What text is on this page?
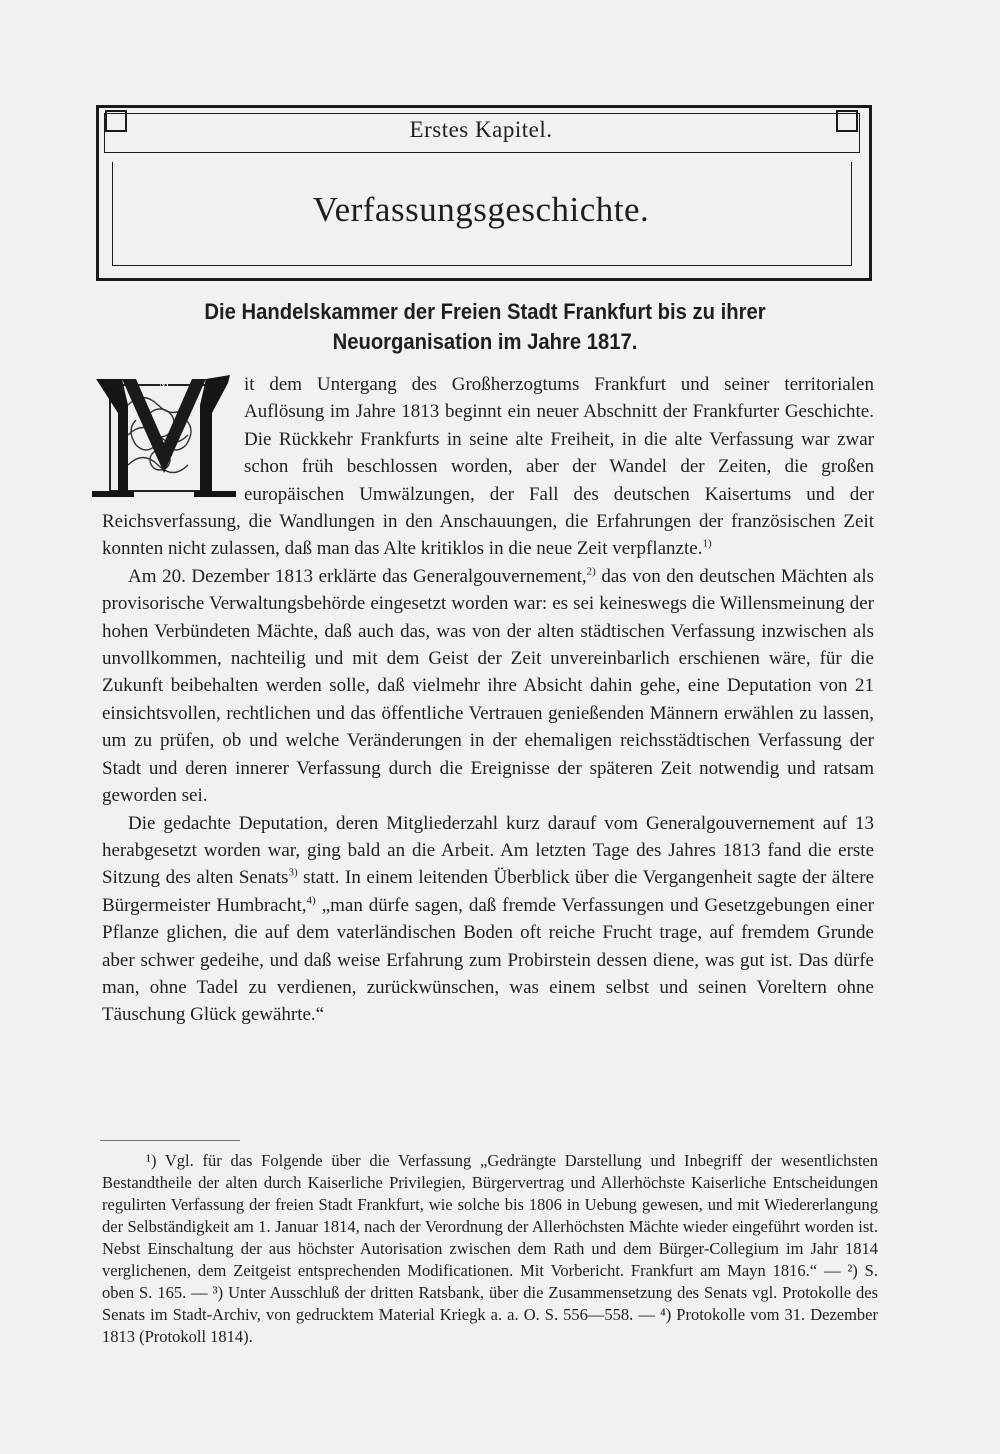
Erstes Kapitel.
Verfassungsgeschichte.
Die Handelskammer der Freien Stadt Frankfurt bis zu ihrer
Neuorganisation im Jahre 1817.
M	it dem Untergang des Großherzogtums Frankfurt und seiner territorialen Auflösung im Jahre 1813 beginnt ein neuer Abschnitt der Frankfurter Geschichte. Die Rückkehr Frankfurts in seine alte Freiheit, in die alte Verfassung war zwar schon früh beschlossen worden, aber der Wandel der Zeiten, die großen europäischen Umwälzungen, der Fall des deutschen Kaisertums und der Reichsverfassung, die Wandlungen in den Anschauungen, die Erfahrungen der französischen Zeit konnten nicht zulassen, daß man das Alte kritiklos in die neue Zeit verpflanzte.$^{1)}$

Am 20. Dezember 1813 erklärte das Generalgouvernement,$^{2)}$ das von den deutschen Mächten als provisorische Verwaltungsbehörde eingesetzt worden war: es sei keineswegs die Willensmeinung der hohen Verbündeten Mächte, daß auch das, was von der alten städtischen Verfassung inzwischen als unvollkommen, nachteilig und mit dem Geist der Zeit unvereinbarlich erschienen wäre, für die Zukunft beibehalten werden solle, daß vielmehr ihre Absicht dahin gehe, eine Deputation von 21 einsichtsvollen, rechtlichen und das öffentliche Vertrauen genießenden Männern erwählen zu lassen, um zu prüfen, ob und welche Veränderungen in der ehemaligen reichsstädtischen Verfassung der Stadt und deren innerer Verfassung durch die Ereignisse der späteren Zeit notwendig und ratsam geworden sei.

Die gedachte Deputation, deren Mitgliederzahl kurz darauf vom Generalgouvernement auf 13 herabgesetzt worden war, ging bald an die Arbeit. Am letzten Tage des Jahres 1813 fand die erste Sitzung des alten Senats$^{3)}$ statt. In einem leitenden Überblick über die Vergangenheit sagte der ältere Bürgermeister Humbracht,$^{4)}$ „man dürfe sagen, daß fremde Verfassungen und Gesetzgebungen einer Pflanze glichen, die auf dem vaterländischen Boden oft reiche Frucht trage, auf fremdem Grunde aber schwer gedeihe, und daß weise Erfahrung zum Probirstein dessen diene, was gut ist. Das dürfe man, ohne Tadel zu verdienen, zurückwünschen, was einem selbst und seinen Voreltern ohne Täuschung Glück gewährte.“

¹) Vgl. für das Folgende über die Verfassung „Gedrängte Darstellung und Inbegriff der wesentlichsten Bestandtheile der alten durch Kaiserliche Privilegien, Bürgervertrag und Allerhöchste Kaiserliche Entscheidungen regulirten Verfassung der freien Stadt Frankfurt, wie solche bis 1806 in Uebung gewesen, und mit Wiedererlangung der Selbständigkeit am 1. Januar 1814, nach der Verordnung der Allerhöchsten Mächte wieder eingeführt worden ist. Nebst Einschaltung der aus höchster Autorisation zwischen dem Rath und dem Bürger-Collegium im Jahr 1814 verglichenen, dem Zeitgeist entsprechenden Modificationen. Mit Vorbericht. Frankfurt am Mayn 1816.“ — ²) S. oben S. 165. — ³) Unter Ausschluß der dritten Ratsbank, über die Zusammensetzung des Senats vgl. Protokolle des Senats im Stadt-Archiv, von gedrucktem Material Kriegk a. a. O. S. 556—558. — ⁴) Protokolle vom 31. Dezember 1813 (Protokoll 1814).
